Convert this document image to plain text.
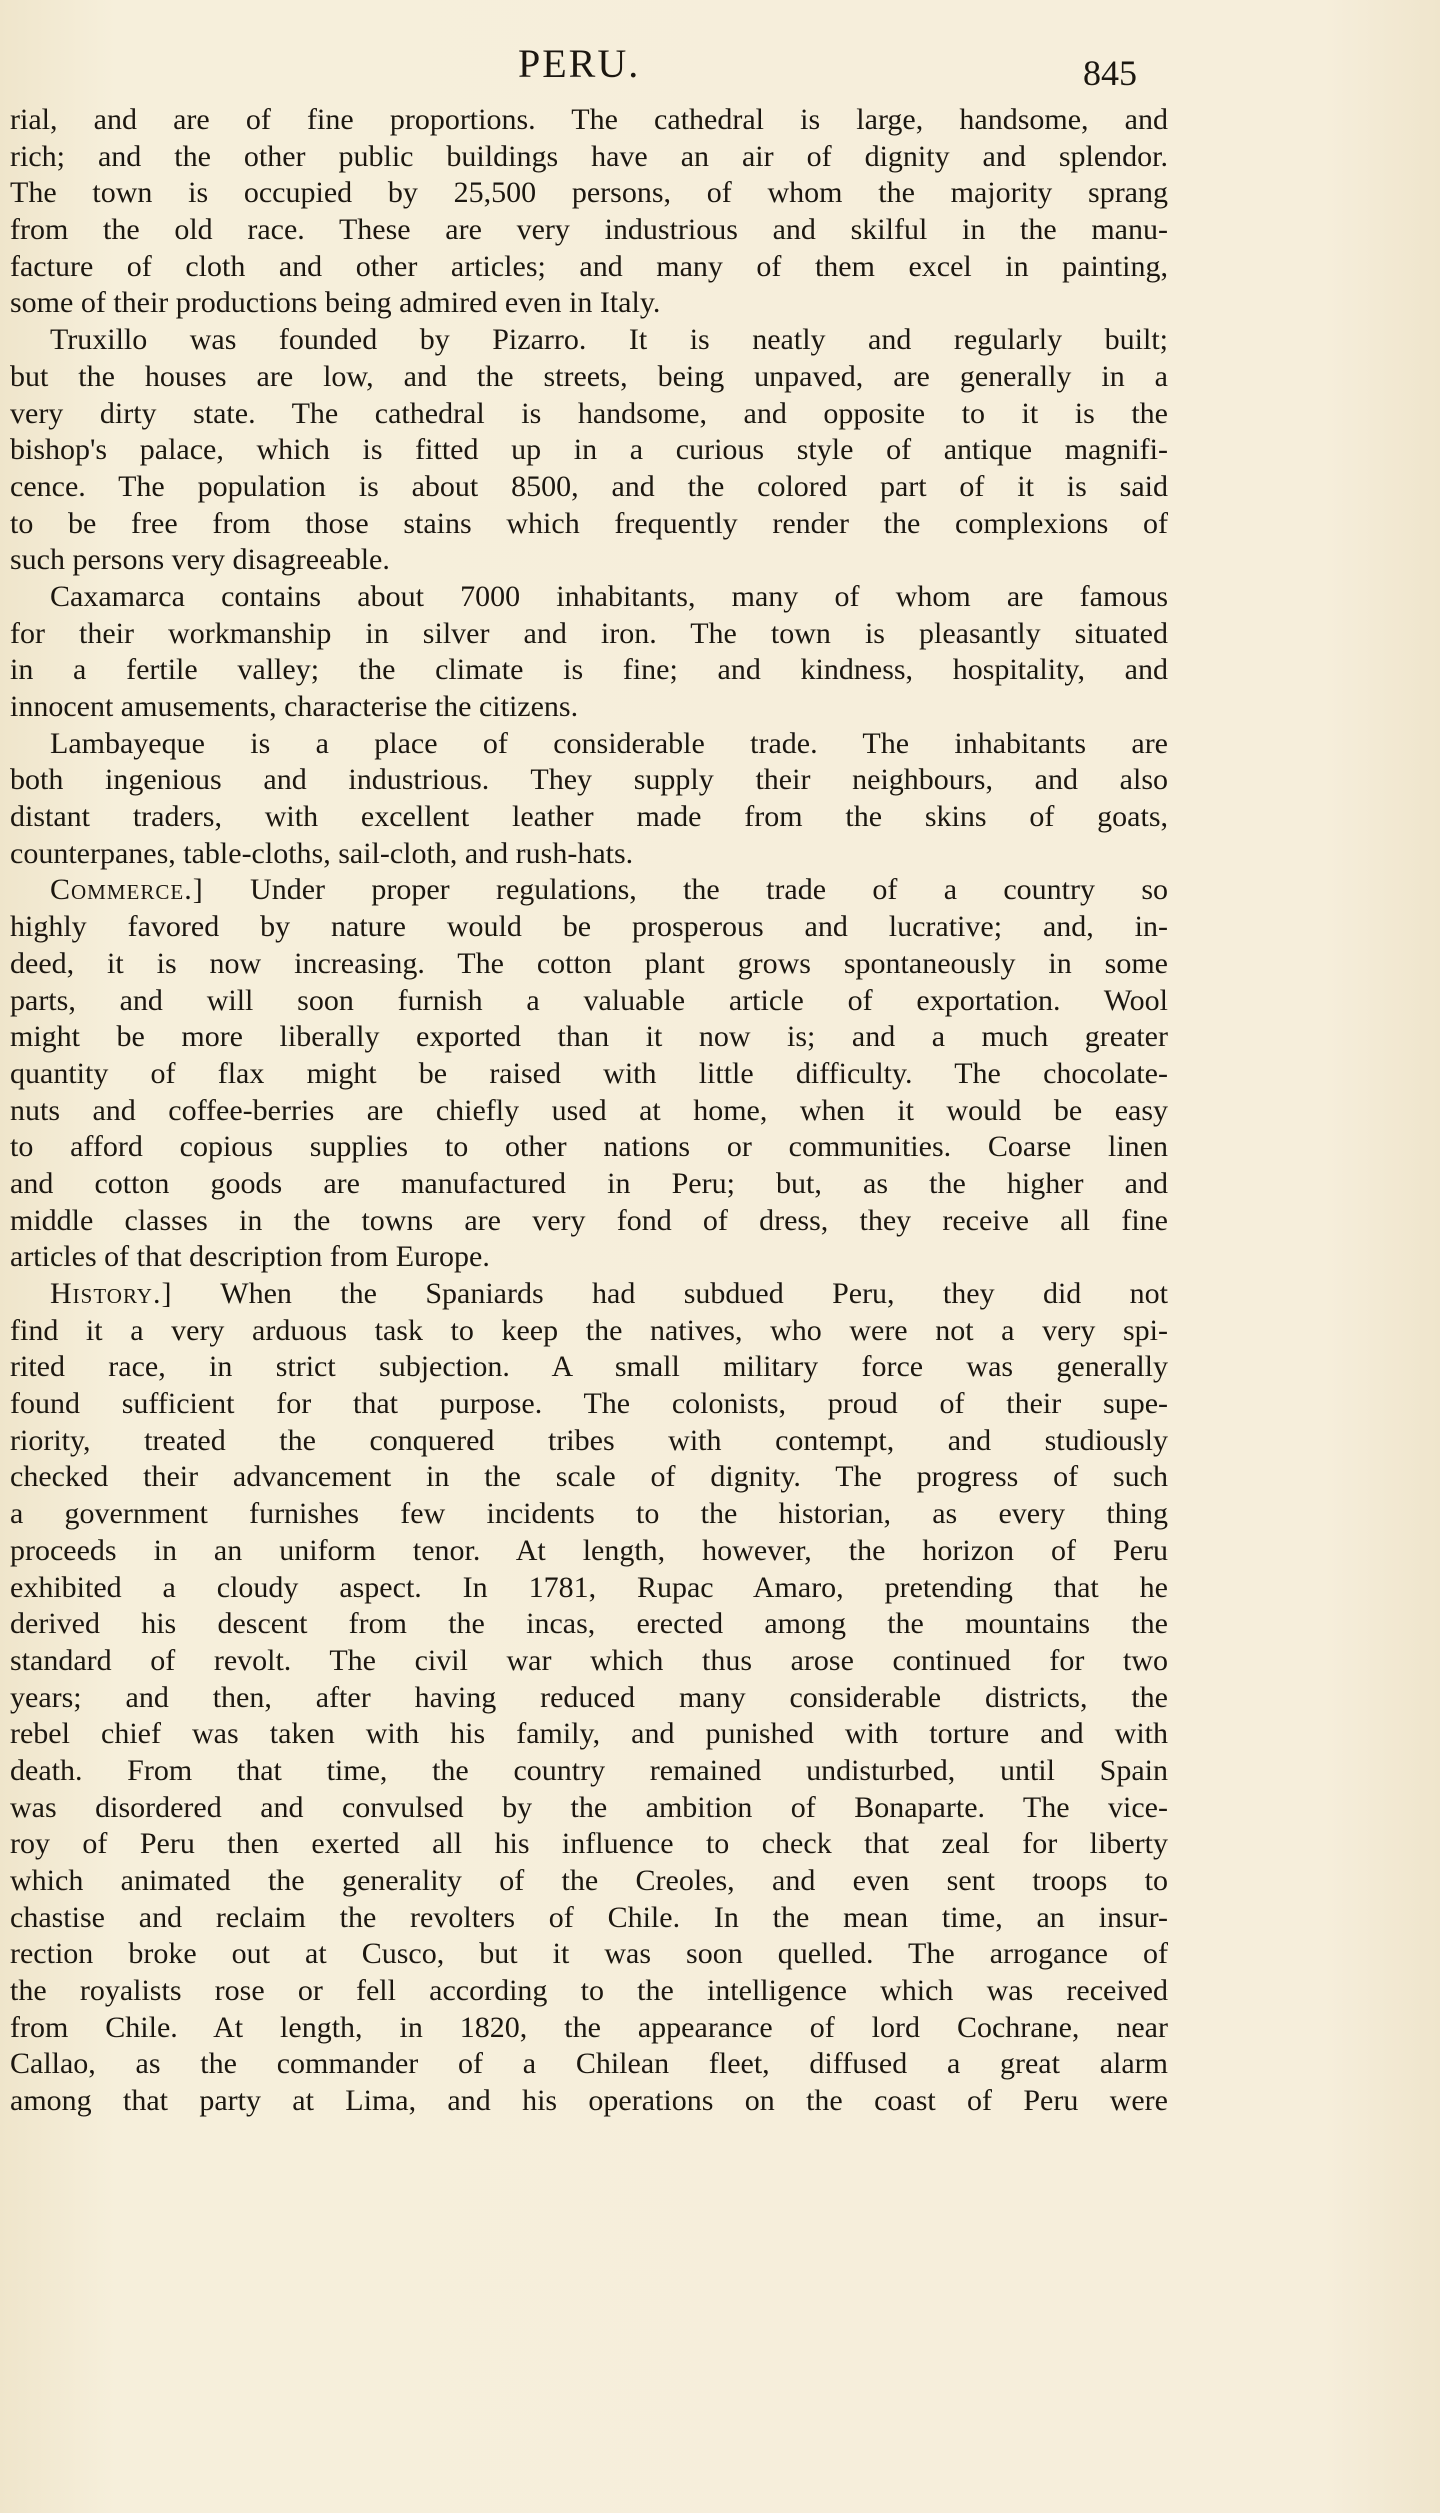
PERU.	845
rial, and are of fine proportions. The cathedral is large, handsome, and
rich; and the other public buildings have an air of dignity and splendor.
The town is occupied by 25,500 persons, of whom the majority sprang
from the old race. These are very industrious and skilful in the manu-
facture of cloth and other articles; and many of them excel in painting,
some of their productions being admired even in Italy.
Truxillo was founded by Pizarro. It is neatly and regularly built;
but the houses are low, and the streets, being unpaved, are generally in a
very dirty state. The cathedral is handsome, and opposite to it is the
bishop's palace, which is fitted up in a curious style of antique magnifi-
cence. The population is about 8500, and the colored part of it is said
to be free from those stains which frequently render the complexions of
such persons very disagreeable.
Caxamarca contains about 7000 inhabitants, many of whom are famous
for their workmanship in silver and iron. The town is pleasantly situated
in a fertile valley; the climate is fine; and kindness, hospitality, and
innocent amusements, characterise the citizens.
Lambayeque is a place of considerable trade. The inhabitants are
both ingenious and industrious. They supply their neighbours, and also
distant traders, with excellent leather made from the skins of goats,
counterpanes, table-cloths, sail-cloth, and rush-hats.
Commerce.] Under proper regulations, the trade of a country so
highly favored by nature would be prosperous and lucrative; and, in-
deed, it is now increasing. The cotton plant grows spontaneously in some
parts, and will soon furnish a valuable article of exportation. Wool
might be more liberally exported than it now is; and a much greater
quantity of flax might be raised with little difficulty. The chocolate-
nuts and coffee-berries are chiefly used at home, when it would be easy
to afford copious supplies to other nations or communities. Coarse linen
and cotton goods are manufactured in Peru; but, as the higher and
middle classes in the towns are very fond of dress, they receive all fine
articles of that description from Europe.
History.] When the Spaniards had subdued Peru, they did not
find it a very arduous task to keep the natives, who were not a very spi-
rited race, in strict subjection. A small military force was generally
found sufficient for that purpose. The colonists, proud of their supe-
riority, treated the conquered tribes with contempt, and studiously
checked their advancement in the scale of dignity. The progress of such
a government furnishes few incidents to the historian, as every thing
proceeds in an uniform tenor. At length, however, the horizon of Peru
exhibited a cloudy aspect. In 1781, Rupac Amaro, pretending that he
derived his descent from the incas, erected among the mountains the
standard of revolt. The civil war which thus arose continued for two
years; and then, after having reduced many considerable districts, the
rebel chief was taken with his family, and punished with torture and with
death. From that time, the country remained undisturbed, until Spain
was disordered and convulsed by the ambition of Bonaparte. The vice-
roy of Peru then exerted all his influence to check that zeal for liberty
which animated the generality of the Creoles, and even sent troops to
chastise and reclaim the revolters of Chile. In the mean time, an insur-
rection broke out at Cusco, but it was soon quelled. The arrogance of
the royalists rose or fell according to the intelligence which was received
from Chile. At length, in 1820, the appearance of lord Cochrane, near
Callao, as the commander of a Chilean fleet, diffused a great alarm
among that party at Lima, and his operations on the coast of Peru were
